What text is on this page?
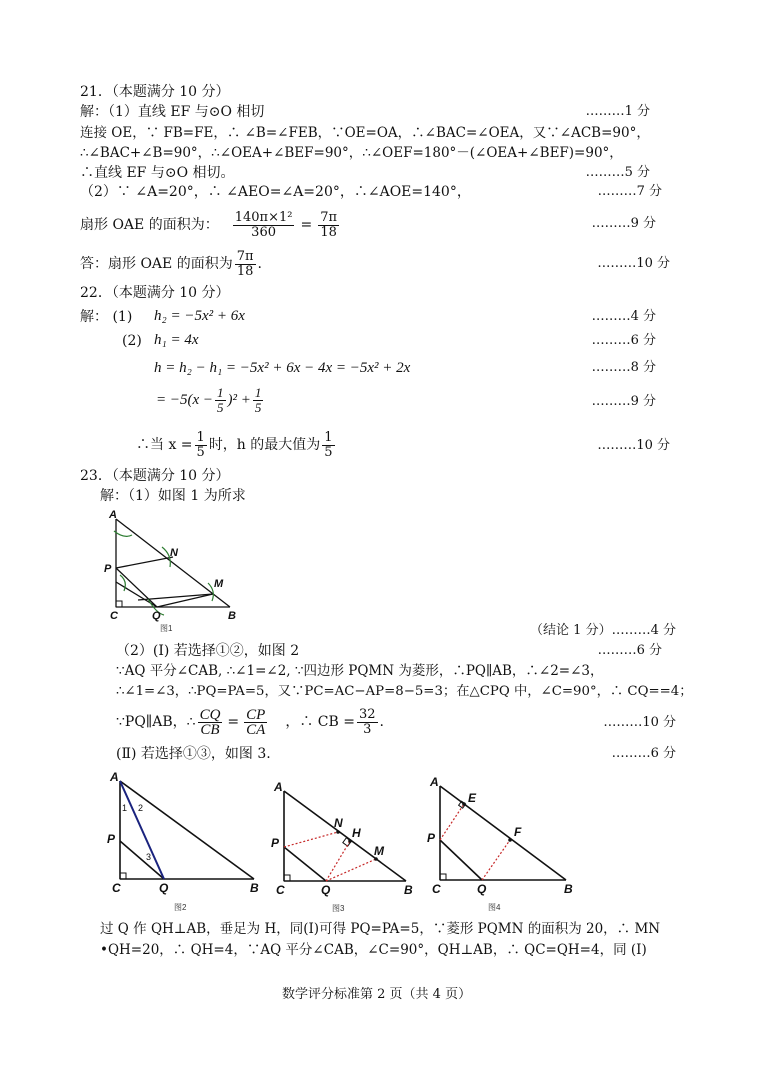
21．（本题满分 10 分）
解：（1）直线 EF 与⊙O 相切	………1 分
连接 OE，∵ FB=FE，∴ ∠B=∠FEB，∵OE=OA，∴∠BAC=∠OEA，又∵∠ACB=90°，
∴∠BAC+∠B=90°，∴∠OEA+∠BEF=90°，∴∠OEF=180°－(∠OEA+∠BEF)=90°，
∴直线 EF 与⊙O 相切。	………5 分
（2）∵ ∠A=20°，∴ ∠AEO=∠A=20°，∴∠AOE=140°，	………7 分
扇形 OAE 的面积为： $\frac{\text{140π×1²}}{360} = \frac{7\pi}{18}$	………9 分
答：扇形 OAE 的面积为 $\frac{7\pi}{18}$ .	………10 分
22．（本题满分 10 分）
解： (1) h₂ = −5x² + 6x	………4 分
(2) h₁ = 4x	………6 分
h = h₂ − h₁ = −5x² + 6x − 4x = −5x² + 2x	………8 分
= $-5(x - \frac{1}{5} )^2 + \frac{1}{5}$	………9 分
∴当 $x = \frac{1}{5}$ 时，h 的最大值为 $\frac{1}{5}$	………10 分
23．（本题满分 10 分）
解：（1）如图 1 为所求
A
N
P
M
C	Q	B
图1	（结论 1 分）………4 分
（2）(Ⅰ) 若选择①②，如图 2	………6 分
∵AQ 平分∠CAB, ∴∠1=∠2, ∵四边形 PQMN 为菱形，∴PQ∥AB，∴∠2=∠3，
∴∠1=∠3，∴PQ=PA=5，又∵PC=AC−AP=8−5=3；在△CPQ 中，∠C=90°，∴ CQ==4；
∵PQ∥AB，∴ $\frac{CQ}{CB} = \frac{CP}{CA}$ ，∴ CB = $\frac{32}{3}$ .	………10 分
(Ⅱ) 若选择①③，如图 3.	………6 分
A
P
C	Q	B
1 2
3
图2
A
N
H
P
M
C	Q	B
图3
A
E
F
P
C	Q	B
图4
过 Q 作 QH⊥AB，垂足为 H，同(Ⅰ)可得 PQ=PA=5，∵菱形 PQMN 的面积为 20，∴ MN
•QH=20，∴ QH=4，∵AQ 平分∠CAB，∠C=90°，QH⊥AB，∴ QC=QH=4，同 (Ⅰ)
数学评分标准第 2 页（共 4 页）
